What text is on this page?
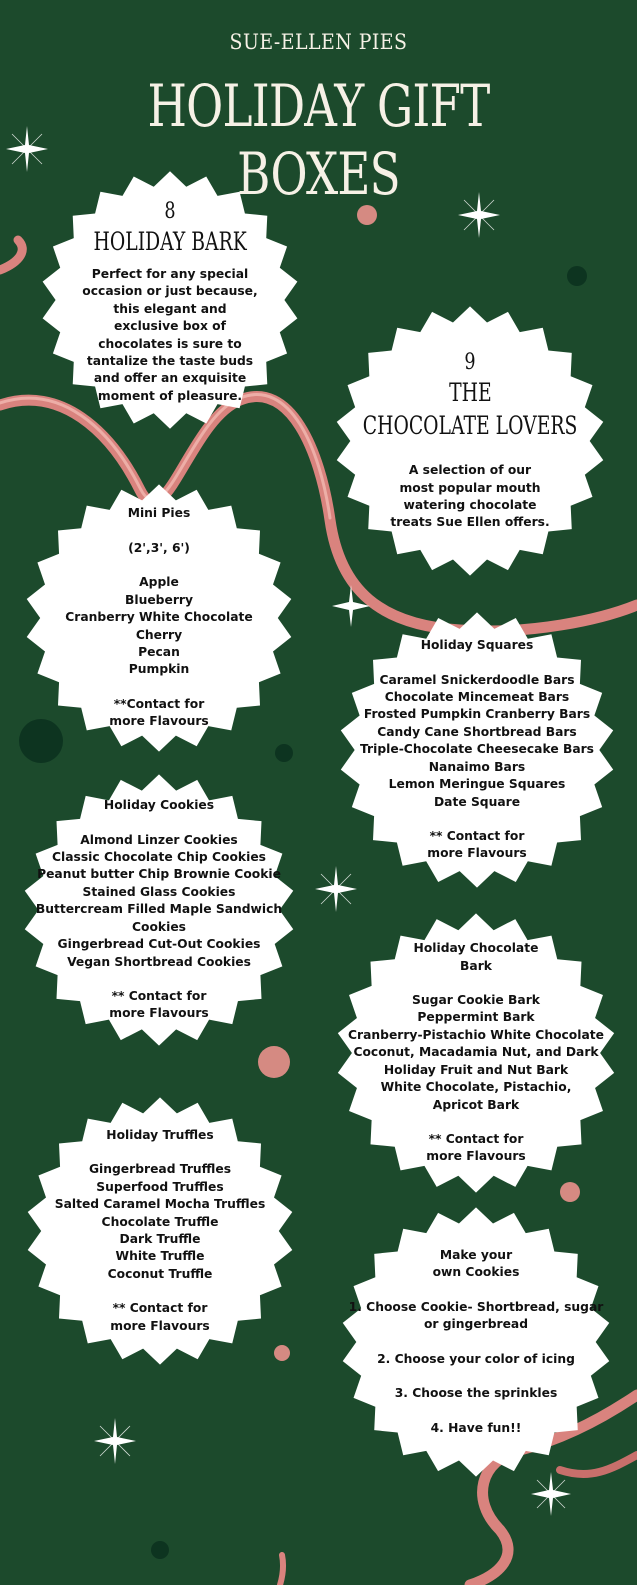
SUE-ELLEN PIES
HOLIDAY GIFT BOXES
8
HOLIDAY BARK
Perfect for any special occasion or just because, this elegant and exclusive box of chocolates is sure to tantalize the taste buds and offer an exquisite moment of pleasure.
9
THE
CHOCOLATE LOVERS
A selection of our most popular mouth watering chocolate treats Sue Ellen offers.
Mini Pies
(2',3', 6')
Apple
Blueberry
Cranberry White Chocolate
Cherry
Pecan
Pumpkin
**Contact for
more Flavours
Holiday Squares
Caramel Snickerdoodle Bars
Chocolate Mincemeat Bars
Frosted Pumpkin Cranberry Bars
Candy Cane Shortbread Bars
Triple-Chocolate Cheesecake Bars
Nanaimo Bars
Lemon Meringue Squares
Date Square
** Contact for
more Flavours
Holiday Cookies
Almond Linzer Cookies
Classic Chocolate Chip Cookies
Peanut butter Chip Brownie Cookie
Stained Glass Cookies
Buttercream Filled Maple Sandwich
Cookies
Gingerbread Cut-Out Cookies
Vegan Shortbread Cookies
** Contact for
more Flavours
Holiday Chocolate
Bark
Sugar Cookie Bark
Peppermint Bark
Cranberry-Pistachio White Chocolate
Coconut, Macadamia Nut, and Dark
Holiday Fruit and Nut Bark
White Chocolate, Pistachio,
Apricot Bark
** Contact for
more Flavours
Holiday Truffles
Gingerbread Truffles
Superfood Truffles
Salted Caramel Mocha Truffles
Chocolate Truffle
Dark Truffle
White Truffle
Coconut Truffle
** Contact for
more Flavours
Make your
own Cookies
1. Choose Cookie- Shortbread, sugar
or gingerbread
2. Choose your color of icing
3. Choose the sprinkles
4. Have fun!!
